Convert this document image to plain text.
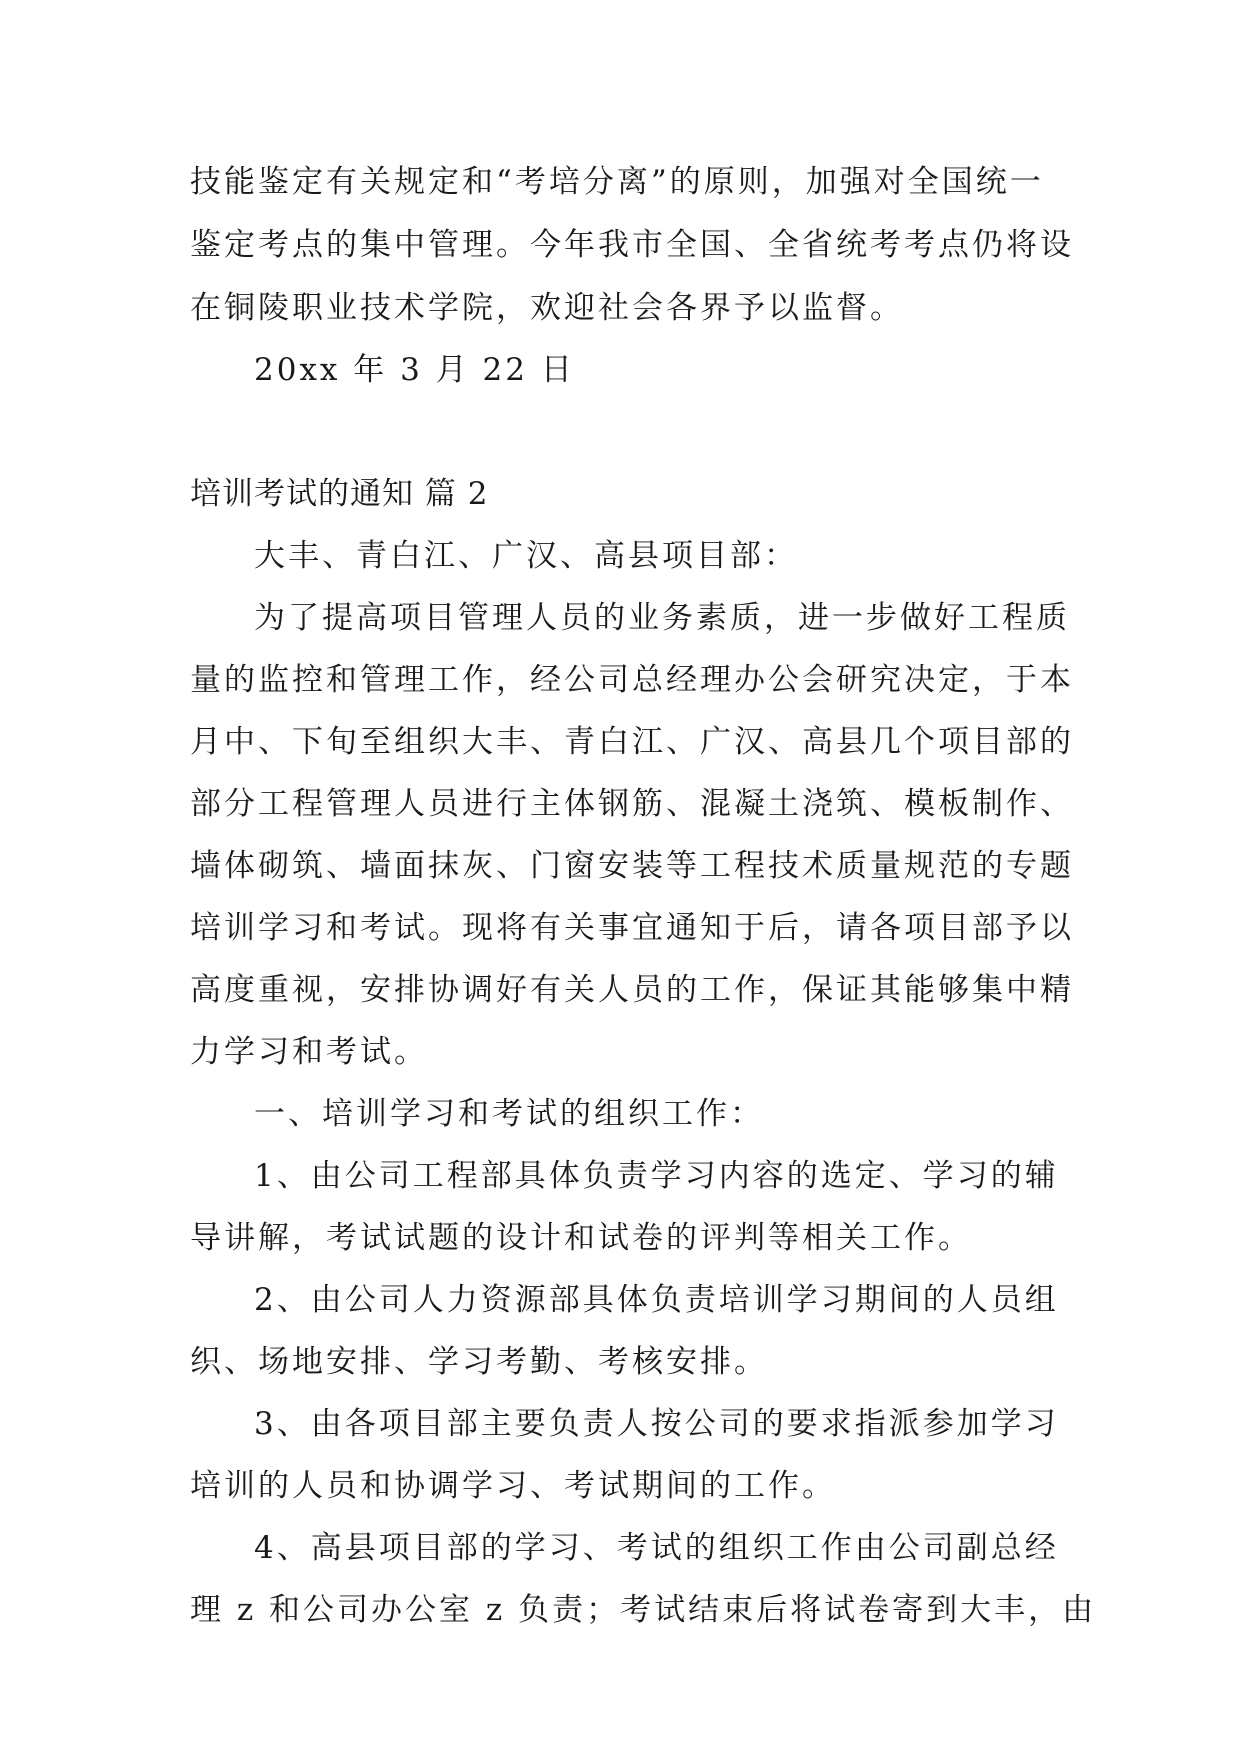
技能鉴定有关规定和“考培分离”的原则，加强对全国统一
鉴定考点的集中管理。今年我市全国、全省统考考点仍将设
在铜陵职业技术学院，欢迎社会各界予以监督。
20xx 年 3 月 22 日
培训考试的通知 篇 2
大丰、青白江、广汉、高县项目部：
为了提高项目管理人员的业务素质，进一步做好工程质
量的监控和管理工作，经公司总经理办公会研究决定，于本
月中、下旬至组织大丰、青白江、广汉、高县几个项目部的
部分工程管理人员进行主体钢筋、混凝土浇筑、模板制作、
墙体砌筑、墙面抹灰、门窗安装等工程技术质量规范的专题
培训学习和考试。现将有关事宜通知于后，请各项目部予以
高度重视，安排协调好有关人员的工作，保证其能够集中精
力学习和考试。
一、培训学习和考试的组织工作：
1、由公司工程部具体负责学习内容的选定、学习的辅
导讲解，考试试题的设计和试卷的评判等相关工作。
2、由公司人力资源部具体负责培训学习期间的人员组
织、场地安排、学习考勤、考核安排。
3、由各项目部主要负责人按公司的要求指派参加学习
培训的人员和协调学习、考试期间的工作。
4、高县项目部的学习、考试的组织工作由公司副总经
理 z 和公司办公室 z 负责；考试结束后将试卷寄到大丰，由
